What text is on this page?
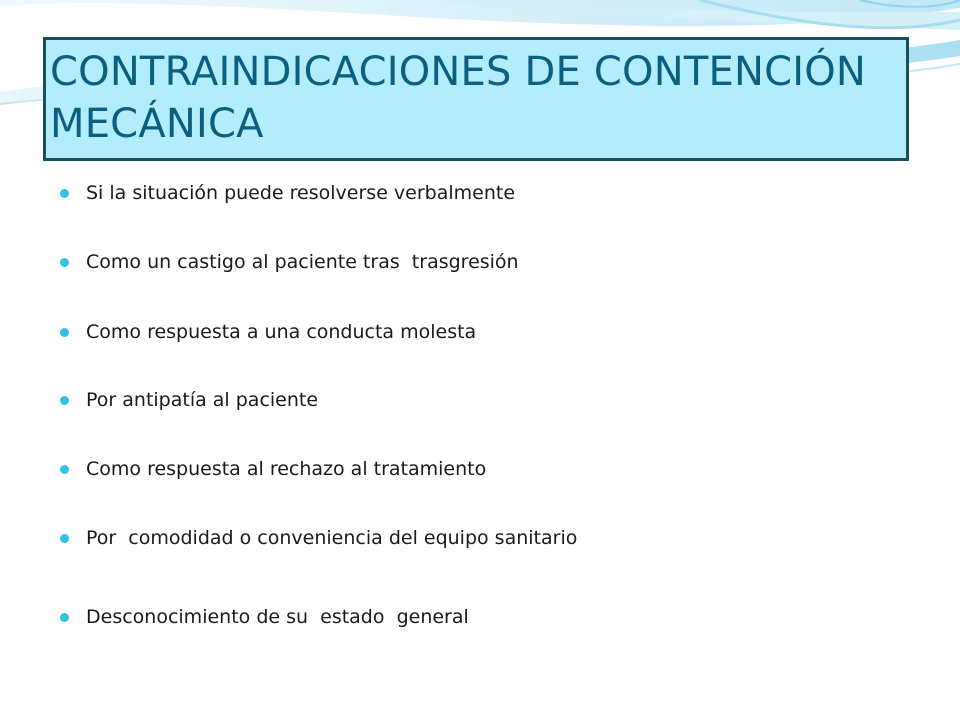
CONTRAINDICACIONES DE CONTENCIÓN MECÁNICA
Si la situación puede resolverse verbalmente
Como un castigo al paciente tras  trasgresión
Como respuesta a una conducta molesta
Por antipatía al paciente
Como respuesta al rechazo al tratamiento
Por  comodidad o conveniencia del equipo sanitario
Desconocimiento de su  estado  general
